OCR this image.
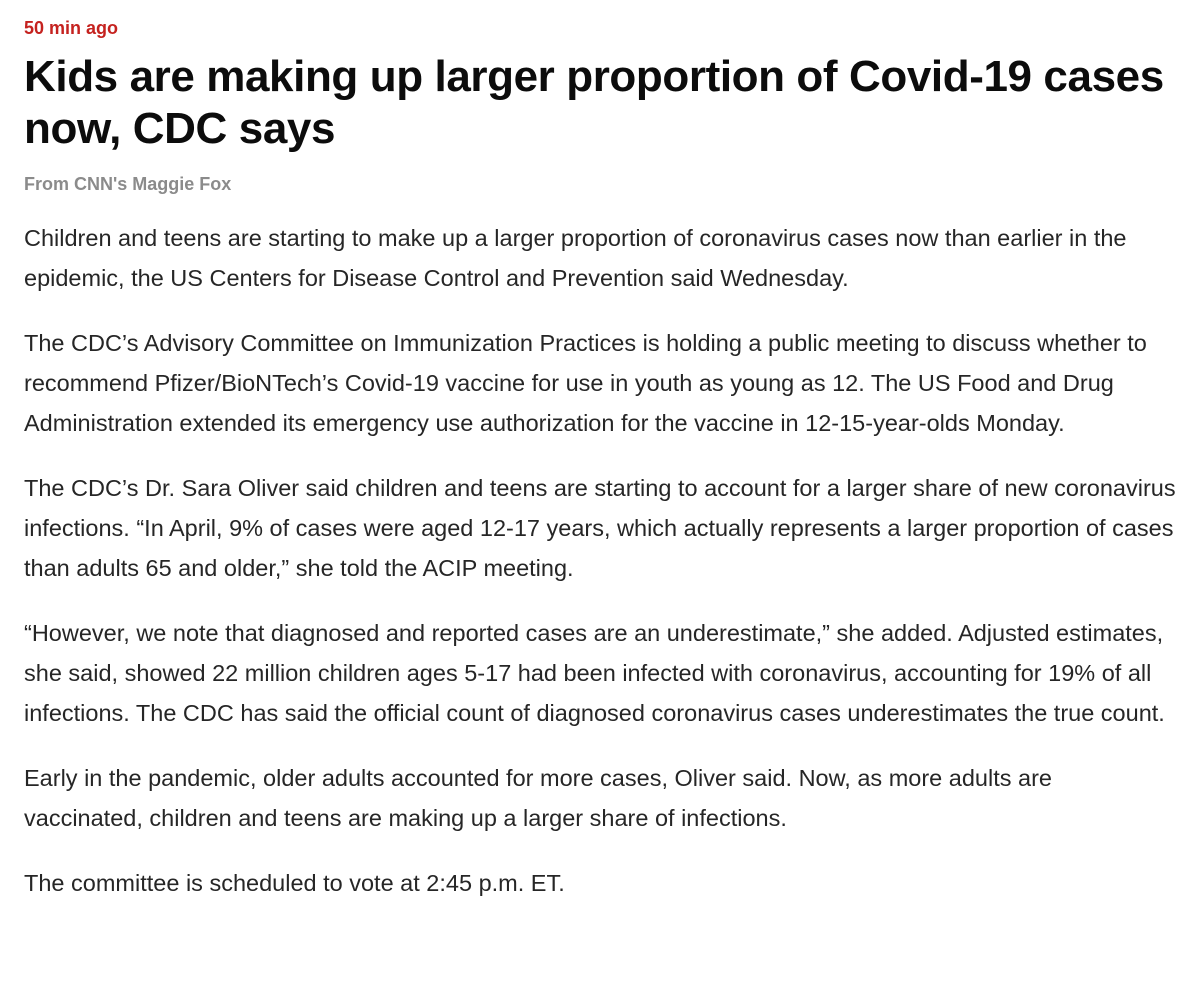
50 min ago
Kids are making up larger proportion of Covid-19 cases now, CDC says
From CNN's Maggie Fox

Children and teens are starting to make up a larger proportion of coronavirus cases now than earlier in the epidemic, the US Centers for Disease Control and Prevention said Wednesday.

The CDC’s Advisory Committee on Immunization Practices is holding a public meeting to discuss whether to recommend Pfizer/BioNTech’s Covid-19 vaccine for use in youth as young as 12. The US Food and Drug Administration extended its emergency use authorization for the vaccine in 12-15-year-olds Monday.

The CDC’s Dr. Sara Oliver said children and teens are starting to account for a larger share of new coronavirus infections. “In April, 9% of cases were aged 12-17 years, which actually represents a larger proportion of cases than adults 65 and older,” she told the ACIP meeting.

“However, we note that diagnosed and reported cases are an underestimate,” she added. Adjusted estimates, she said, showed 22 million children ages 5-17 had been infected with coronavirus, accounting for 19% of all infections. The CDC has said the official count of diagnosed coronavirus cases underestimates the true count.

Early in the pandemic, older adults accounted for more cases, Oliver said. Now, as more adults are vaccinated, children and teens are making up a larger share of infections.

The committee is scheduled to vote at 2:45 p.m. ET.
